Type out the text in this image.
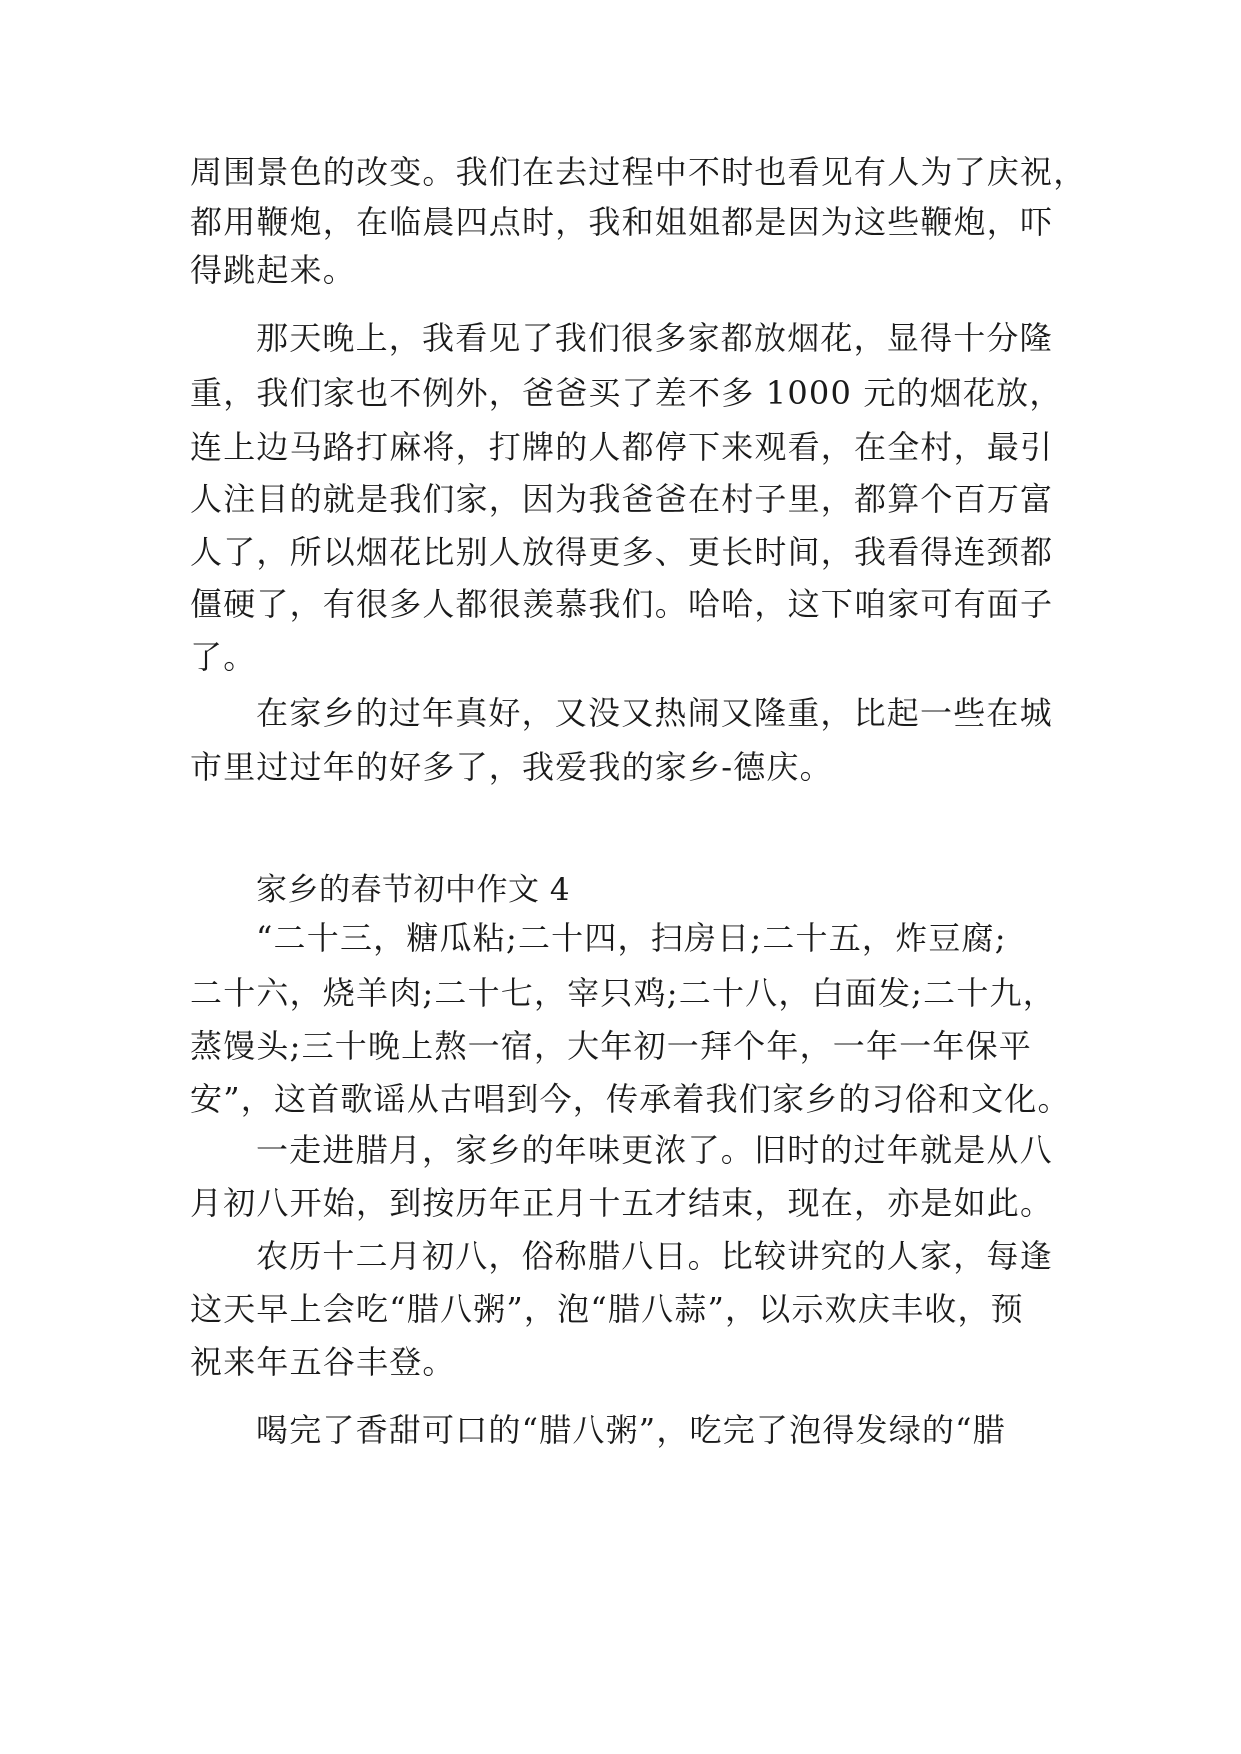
周围景色的改变。我们在去过程中不时也看见有人为了庆祝，
都用鞭炮，在临晨四点时，我和姐姐都是因为这些鞭炮，吓
得跳起来。
那天晚上，我看见了我们很多家都放烟花，显得十分隆
重，我们家也不例外，爸爸买了差不多 1000 元的烟花放，
连上边马路打麻将，打牌的人都停下来观看，在全村，最引
人注目的就是我们家，因为我爸爸在村子里，都算个百万富
人了，所以烟花比别人放得更多、更长时间，我看得连颈都
僵硬了，有很多人都很羡慕我们。哈哈，这下咱家可有面子
了。
在家乡的过年真好，又没又热闹又隆重，比起一些在城
市里过过年的好多了，我爱我的家乡-德庆。
家乡的春节初中作文 4
“二十三，糖瓜粘;二十四，扫房日;二十五，炸豆腐;
二十六，烧羊肉;二十七，宰只鸡;二十八，白面发;二十九，
蒸馒头;三十晚上熬一宿，大年初一拜个年，一年一年保平
安”，这首歌谣从古唱到今，传承着我们家乡的习俗和文化。
一走进腊月，家乡的年味更浓了。旧时的过年就是从八
月初八开始，到按历年正月十五才结束，现在，亦是如此。
农历十二月初八，俗称腊八日。比较讲究的人家，每逢
这天早上会吃“腊八粥”，泡“腊八蒜”，以示欢庆丰收，预
祝来年五谷丰登。
喝完了香甜可口的“腊八粥”，吃完了泡得发绿的“腊
